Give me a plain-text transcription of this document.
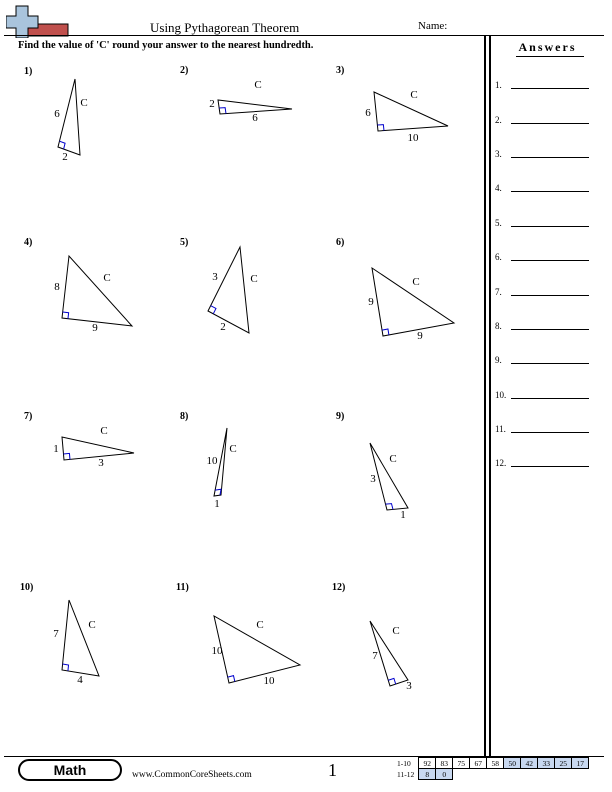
Using Pythagorean Theorem	Name:
Find the value of 'C' round your answer to the nearest hundredth.	Answers
1.
2.
3.
4.
5.
6.
7.
8.
9.
10.
11.
12.
1)
6
2
C
2)
2
6
C
3)
6
10
C
4)
8
9
C
5)
3
2
C
6)
9
9
C
7)
1
3
C
8)
10
1
C
9)
3
1
C
10)
7
4
C
11)
10
10
C
12)
7
3
C
Math	www.CommonCoreSheets.com	1	1-10	92	83	75	67	58	50	42	33	25	17
11-12	8	0								
